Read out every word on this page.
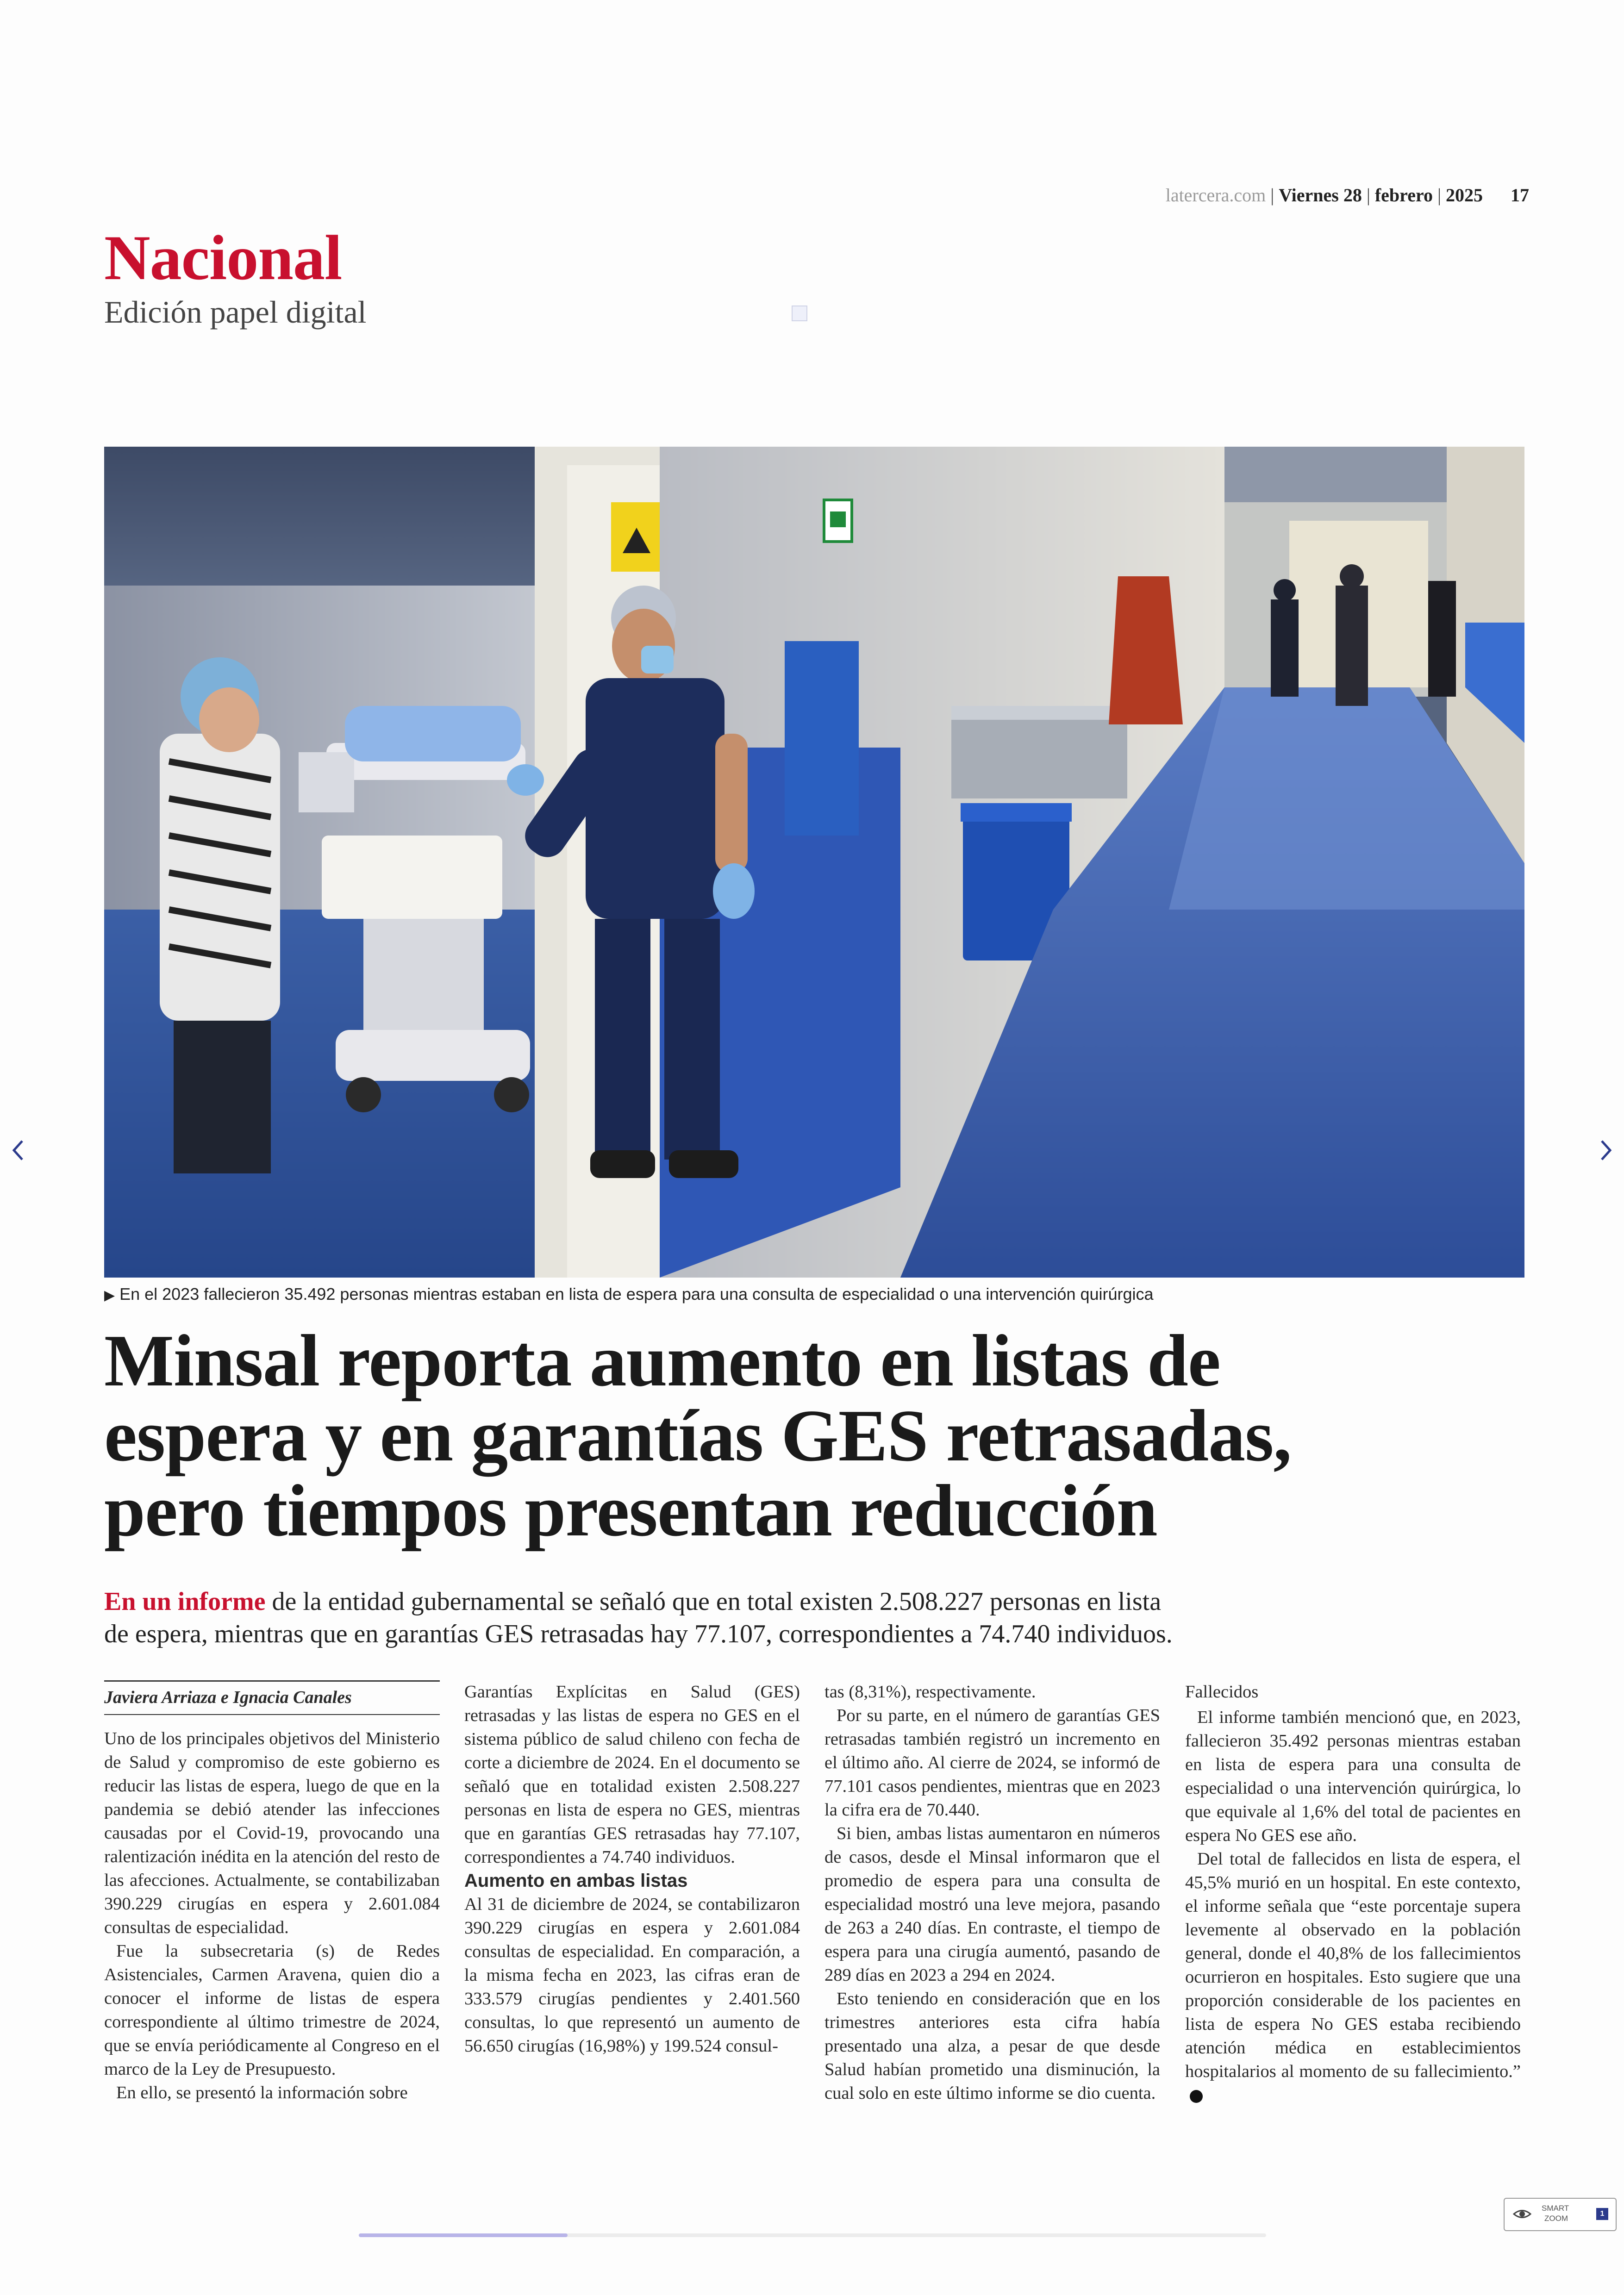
latercera.com | Viernes 28 | febrero | 2025 17
Nacional
Edición papel digital
▶ En el 2023 fallecieron 35.492 personas mientras estaban en lista de espera para una consulta de especialidad o una intervención quirúrgica
Minsal reporta aumento en listas de
espera y en garantías GES retrasadas,
pero tiempos presentan reducción
En un informe de la entidad gubernamental se señaló que en total existen 2.508.227 personas en lista
de espera, mientras que en garantías GES retrasadas hay 77.107, correspondientes a 74.740 individuos.
Javiera Arriaza e Ignacia Canales

Uno de los principales objetivos del Ministerio de Salud y compromiso de este gobierno es reducir las listas de espera, luego de que en la pandemia se debió atender las infecciones causadas por el Covid-19, provocando una ralentización inédita en la atención del resto de las afecciones. Actualmente, se contabilizaban 390.229 cirugías en espera y 2.601.084 consultas de especialidad.

Fue la subsecretaria (s) de Redes Asistenciales, Carmen Aravena, quien dio a conocer el informe de listas de espera correspondiente al último trimestre de 2024, que se envía periódicamente al Congreso en el marco de la Ley de Presupuesto.

En ello, se presentó la información sobre

Garantías Explícitas en Salud (GES) retrasadas y las listas de espera no GES en el sistema público de salud chileno con fecha de corte a diciembre de 2024. En el documento se señaló que en totalidad existen 2.508.227 personas en lista de espera no GES, mientras que en garantías GES retrasadas hay 77.107, correspondientes a 74.740 individuos.

Aumento en ambas listas

Al 31 de diciembre de 2024, se contabilizaron 390.229 cirugías en espera y 2.601.084 consultas de especialidad. En comparación, a la misma fecha en 2023, las cifras eran de 333.579 cirugías pendientes y 2.401.560 consultas, lo que representó un aumento de 56.650 cirugías (16,98%) y 199.524 consul-

tas (8,31%), respectivamente.

Por su parte, en el número de garantías GES retrasadas también registró un incremento en el último año. Al cierre de 2024, se informó de 77.101 casos pendientes, mientras que en 2023 la cifra era de 70.440.

Si bien, ambas listas aumentaron en números de casos, desde el Minsal informaron que el promedio de espera para una consulta de especialidad mostró una leve mejora, pasando de 263 a 240 días. En contraste, el tiempo de espera para una cirugía aumentó, pasando de 289 días en 2023 a 294 en 2024.

Esto teniendo en consideración que en los trimestres anteriores esta cifra había presentado una alza, a pesar de que desde Salud habían prometido una disminución, la cual solo en este último informe se dio cuenta.

Fallecidos

El informe también mencionó que, en 2023, fallecieron 35.492 personas mientras estaban en lista de espera para una consulta de especialidad o una intervención quirúrgica, lo que equivale al 1,6% del total de pacientes en espera No GES ese año.

Del total de fallecidos en lista de espera, el 45,5% murió en un hospital. En este contexto, el informe señala que “este porcentaje supera levemente al observado en la población general, donde el 40,8% de los fallecimientos ocurrieron en hospitales. Esto sugiere que una proporción considerable de los pacientes en lista de espera No GES estaba recibiendo atención médica en establecimientos hospitalarios al momento de su fallecimiento.”

SMART
ZOOM
1
